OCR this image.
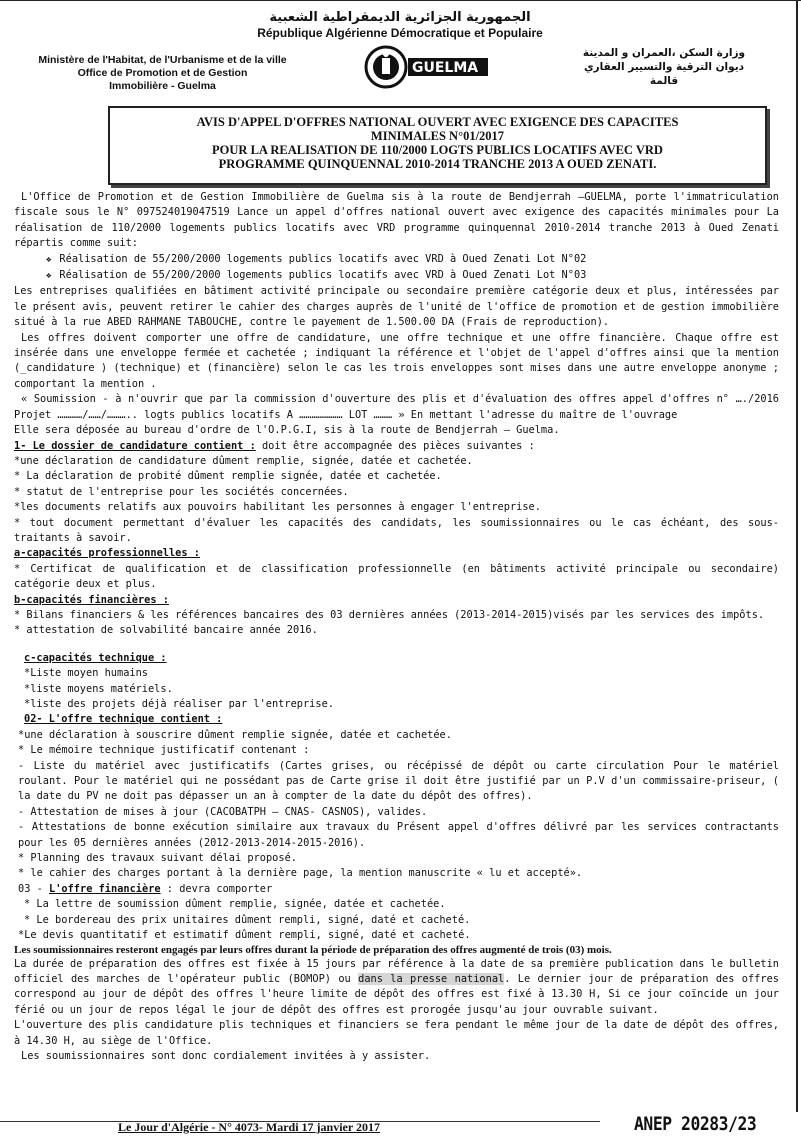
الجمهورية الجزائرية الديمقراطية الشعبية
République Algérienne Démocratique et Populaire
Ministère de l'Habitat, de l'Urbanisme et de la ville
Office de Promotion et de Gestion
Immobilière - Guelma
GUELMA
وزارة السكن ،العمران و المدينة
ديوان الترقية والتسيير العقاري
قالمة
AVIS D'APPEL D'OFFRES NATIONAL OUVERT AVEC EXIGENCE DES CAPACITES
MINIMALES N°01/2017
POUR LA REALISATION DE 110/2000 LOGTS PUBLICS LOCATIFS AVEC VRD
PROGRAMME QUINQUENNAL 2010-2014 TRANCHE 2013 A OUED ZENATI.

L'Office de Promotion et de Gestion Immobilière de Guelma sis à la route de Bendjerrah –GUELMA, porte l'immatriculation fiscale sous le N° 097524019047519 Lance un appel d'offres national ouvert avec exigence des capacités minimales pour La réalisation de 110/2000 logements publics locatifs avec VRD programme quinquennal 2010-2014 tranche 2013 à Oued Zenati répartis comme suit:

❖ Réalisation de 55/200/2000 logements publics locatifs avec VRD à Oued Zenati Lot N°02

❖ Réalisation de 55/200/2000 logements publics locatifs avec VRD à Oued Zenati Lot N°03

Les entreprises qualifiées en bâtiment activité principale ou secondaire première catégorie deux et plus, intéressées par le présent avis, peuvent retirer le cahier des charges auprès de l'unité de l'office de promotion et de gestion immobilière situé à la rue ABED RAHMANE TABOUCHE, contre le payement de 1.500.00 DA (Frais de reproduction).

Les offres doivent comporter une offre de candidature, une offre technique et une offre financière. Chaque offre est insérée dans une enveloppe fermée et cachetée ; indiquant la référence et l'objet de l'appel d'offres ainsi que la mention (_candidature ) (technique) et (financière) selon le cas les trois enveloppes sont mises dans une autre enveloppe anonyme ; comportant la mention .

« Soumission - à n'ouvrir que par la commission d'ouverture des plis et d'évaluation des offres appel d'offres n° …./2016 Projet …………/……/……….. logts publics locatifs A ………………… LOT ……… » En mettant l'adresse du maître de l'ouvrage

Elle sera déposée au bureau d'ordre de l'O.P.G.I, sis à la route de Bendjerrah – Guelma.

1- Le dossier de candidature contient : doit être accompagnée des pièces suivantes :

*une déclaration de candidature dûment remplie, signée, datée et cachetée.

* La déclaration de probité dûment remplie signée, datée et cachetée.

* statut de l'entreprise pour les sociétés concernées.

*les documents relatifs aux pouvoirs habilitant les personnes à engager l'entreprise.

* tout document permettant d'évaluer les capacités des candidats, les soumissionnaires ou le cas échéant, des sous-traitants à savoir.

a-capacités professionnelles :

* Certificat de qualification et de classification professionnelle (en bâtiments activité principale ou secondaire) catégorie deux et plus.

b-capacités financières :

* Bilans financiers & les références bancaires des 03 dernières années (2013-2014-2015)visés par les services des impôts.

* attestation de solvabilité bancaire année 2016.

c-capacités technique :

*Liste moyen humains

*liste moyens matériels.

*liste des projets déjà réaliser par l'entreprise.

02- L'offre technique contient :

*une déclaration à souscrire dûment remplie signée, datée et cachetée.

* Le mémoire technique justificatif contenant :

- Liste du matériel avec justificatifs (Cartes grises, ou récépissé de dépôt ou carte circulation Pour le matériel roulant. Pour le matériel qui ne possédant pas de Carte grise il doit être justifié par un P.V d'un commissaire-priseur, ( la date du PV ne doit pas dépasser un an à compter de la date du dépôt des offres).

- Attestation de mises à jour (CACOBATPH – CNAS- CASNOS), valides.

- Attestations de bonne exécution similaire aux travaux du Présent appel d'offres délivré par les services contractants pour les 05 dernières années (2012-2013-2014-2015-2016).

* Planning des travaux suivant délai proposé.

* le cahier des charges portant à la dernière page, la mention manuscrite « lu et accepté».

03 - L'offre financière : devra comporter

* La lettre de soumission dûment remplie, signée, datée et cachetée.

* Le bordereau des prix unitaires dûment rempli, signé, daté et cacheté.

*Le devis quantitatif et estimatif dûment rempli, signé, daté et cacheté.

Les soumissionnaires resteront engagés par leurs offres durant la période de préparation des offres augmenté de trois (03) mois.

La durée de préparation des offres est fixée à 15 jours par référence à la date de sa première publication dans le bulletin officiel des marches de l'opérateur public (BOMOP) ou dans la presse national. Le dernier jour de préparation des offres correspond au jour de dépôt des offres l'heure limite de dépôt des offres est fixé à 13.30 H, Si ce jour coïncide un jour férié ou un jour de repos légal le jour de dépôt des offres est prorogée jusqu'au jour ouvrable suivant.

L'ouverture des plis candidature plis techniques et financiers se fera pendant le même jour de la date de dépôt des offres, à 14.30 H, au siège de l'Office.

Les soumissionnaires sont donc cordialement invitées à y assister.

Le Jour d'Algérie - N° 4073- Mardi 17 janvier 2017	ANEP 20283/23
